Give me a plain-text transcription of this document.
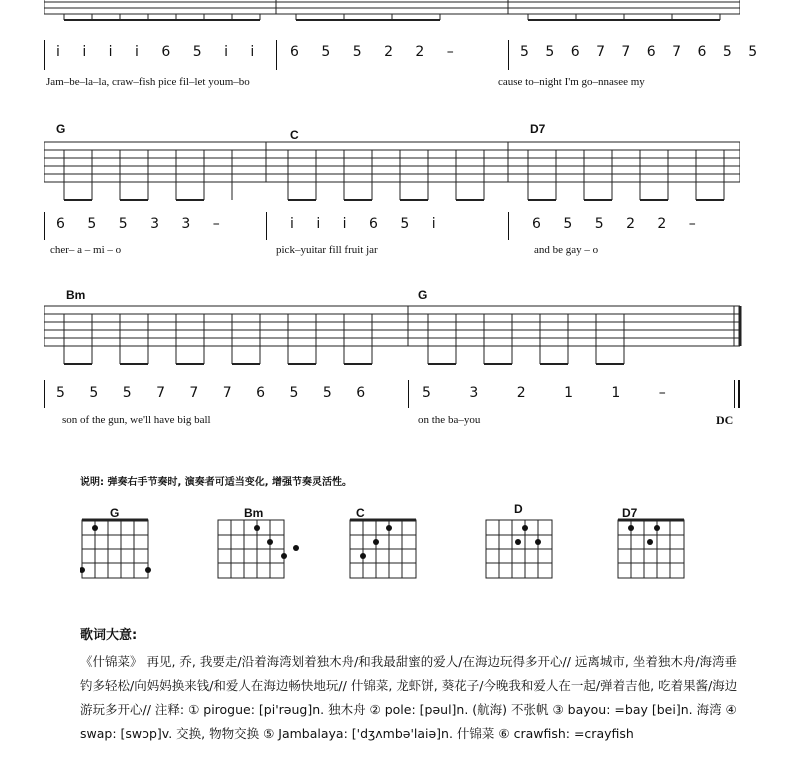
i i i i 6 5 i i 6 5 5 2 2 –	5 5 6 7 7 6 7 6 5 5
Jam–be–la–la, craw–fish pice fil–let youm–bo	cause to–night I'm go–nnasee my
G	C	D7
6 5 5 3 3 –	i i i 6 5 i	6 5 5 2 2 –
cher– a – mi – o	pick–yuitar fill fruit jar	and be gay – o
Bm	G
5 5 5 7 7 7 6 5 5 6	5 3 2 1 1 –
son of the gun, we'll have big ball	on the ba–you	DC
说明: 弹奏右手节奏时, 演奏者可适当变化, 增强节奏灵活性。
G	Bm	C	D	D7
歌词大意:
《什锦菜》 再见, 乔, 我要走/沿着海湾划着独木舟/和我最甜蜜的爱人/在海边玩得多开心// 远离城市, 坐着独木舟/海湾垂钓多轻松/向妈妈换来钱/和爱人在海边畅快地玩// 什锦菜, 龙虾饼, 葵花子/今晚我和爱人在一起/弹着吉他, 吃着果酱/海边游玩多开心// 注释: ① pirogue: [pi'rəug]n. 独木舟 ② pole: [pəul]n. (航海) 不张帆 ③ bayou: =bay [bei]n. 海湾 ④ swap: [swɔp]v. 交换, 物物交换 ⑤ Jambalaya: ['dʒʌmbə'laiə]n. 什锦菜 ⑥ crawfish: =crayfish
